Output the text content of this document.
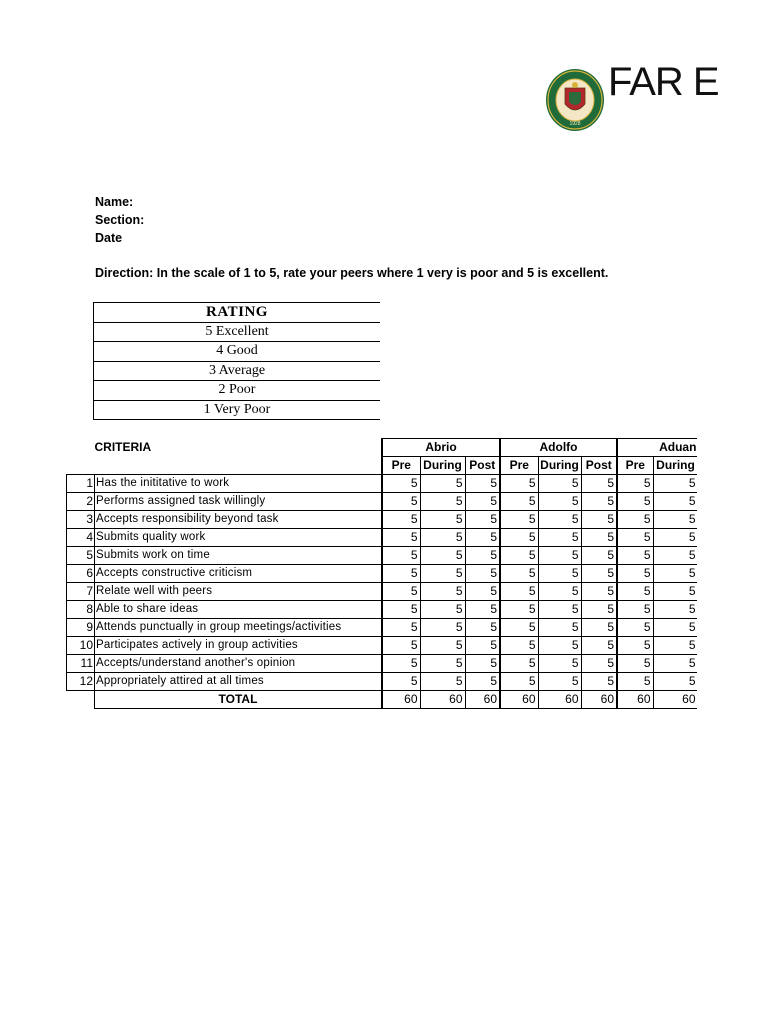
1928
FAR E
Name:
Section:
Date
Direction: In the scale of 1 to 5, rate your peers where 1 very is poor and 5 is excellent.
RATING
5 Excellent
4 Good
3 Average
2 Poor
1 Very Poor
CRITERIA		Abrio			Adolfo			Aduan		
		Pre	During	Post	Pre	During	Post	Pre	During	
1	Has the inititative to work	5	5	5	5	5	5	5	5	
2	Performs assigned task willingly	5	5	5	5	5	5	5	5	
3	Accepts responsibility beyond task	5	5	5	5	5	5	5	5	
4	Submits quality work	5	5	5	5	5	5	5	5	
5	Submits work on time	5	5	5	5	5	5	5	5	
6	Accepts constructive criticism	5	5	5	5	5	5	5	5	
7	Relate well with peers	5	5	5	5	5	5	5	5	
8	Able to share ideas	5	5	5	5	5	5	5	5	
9	Attends punctually in group meetings/activities	5	5	5	5	5	5	5	5	
10	Participates actively in group activities	5	5	5	5	5	5	5	5	
11	Accepts/understand another's opinion	5	5	5	5	5	5	5	5	
12	Appropriately attired at all times	5	5	5	5	5	5	5	5	
	TOTAL	60	60	60	60	60	60	60	60	
